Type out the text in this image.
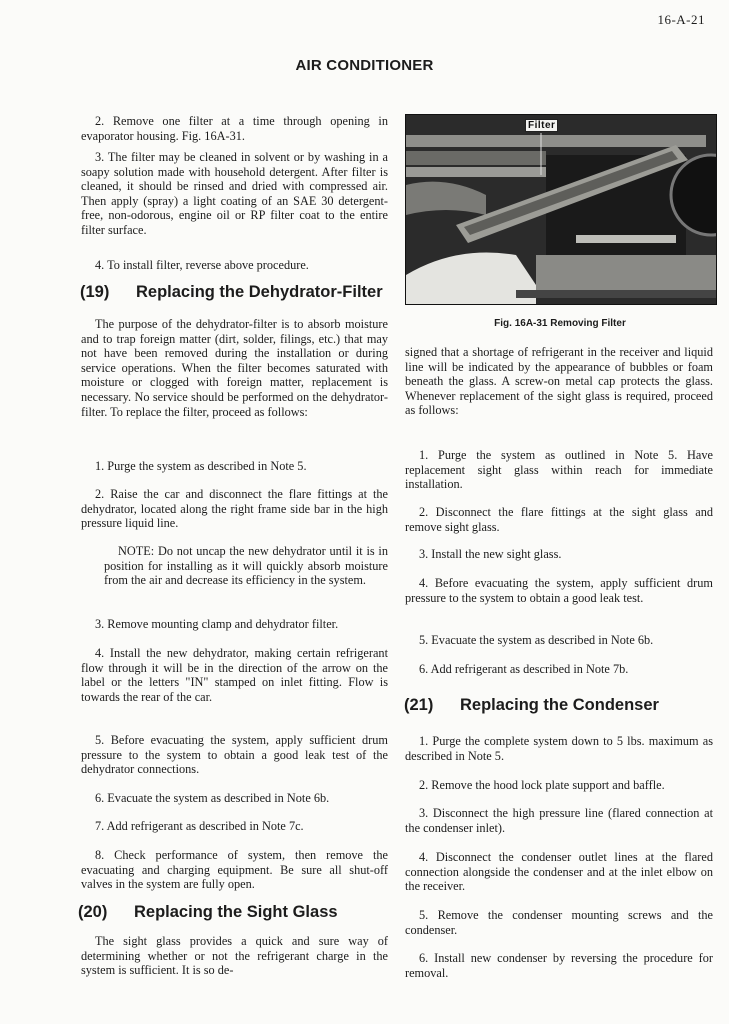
16-A-21
AIR CONDITIONER
2. Remove one filter at a time through opening in evaporator housing. Fig. 16A-31.
3. The filter may be cleaned in solvent or by washing in a soapy solution made with household detergent. After filter is cleaned, it should be rinsed and dried with compressed air. Then apply (spray) a light coating of an SAE 30 detergent-free, non-odorous, engine oil or RP filter coat to the entire filter surface.
4. To install filter, reverse above procedure.
(19) Replacing the Dehydrator-Filter
The purpose of the dehydrator-filter is to absorb moisture and to trap foreign matter (dirt, solder, filings, etc.) that may not have been removed during the installation or during service operations. When the filter becomes saturated with moisture or clogged with foreign matter, replacement is necessary. No service should be performed on the dehydrator-filter. To replace the filter, proceed as follows:
1. Purge the system as described in Note 5.
2. Raise the car and disconnect the flare fittings at the dehydrator, located along the right frame side bar in the high pressure liquid line.
NOTE: Do not uncap the new dehydrator until it is in position for installing as it will quickly absorb moisture from the air and decrease its efficiency in the system.
3. Remove mounting clamp and dehydrator filter.
4. Install the new dehydrator, making certain refrigerant flow through it will be in the direction of the arrow on the label or the letters "IN" stamped on inlet fitting. Flow is towards the rear of the car.
5. Before evacuating the system, apply sufficient drum pressure to the system to obtain a good leak test of the dehydrator connections.
6. Evacuate the system as described in Note 6b.
7. Add refrigerant as described in Note 7c.
8. Check performance of system, then remove the evacuating and charging equipment. Be sure all shut-off valves in the system are fully open.
(20) Replacing the Sight Glass
The sight glass provides a quick and sure way of determining whether or not the refrigerant charge in the system is sufficient. It is so de-
Filter
Fig. 16A-31 Removing Filter
signed that a shortage of refrigerant in the receiver and liquid line will be indicated by the appearance of bubbles or foam beneath the glass. A screw-on metal cap protects the glass. Whenever replacement of the sight glass is required, proceed as follows:
1. Purge the system as outlined in Note 5. Have replacement sight glass within reach for immediate installation.
2. Disconnect the flare fittings at the sight glass and remove sight glass.
3. Install the new sight glass.
4. Before evacuating the system, apply sufficient drum pressure to the system to obtain a good leak test.
5. Evacuate the system as described in Note 6b.
6. Add refrigerant as described in Note 7b.
(21) Replacing the Condenser
1. Purge the complete system down to 5 lbs. maximum as described in Note 5.
2. Remove the hood lock plate support and baffle.
3. Disconnect the high pressure line (flared connection at the condenser inlet).
4. Disconnect the condenser outlet lines at the flared connection alongside the condenser and at the inlet elbow on the receiver.
5. Remove the condenser mounting screws and the condenser.
6. Install new condenser by reversing the procedure for removal.
